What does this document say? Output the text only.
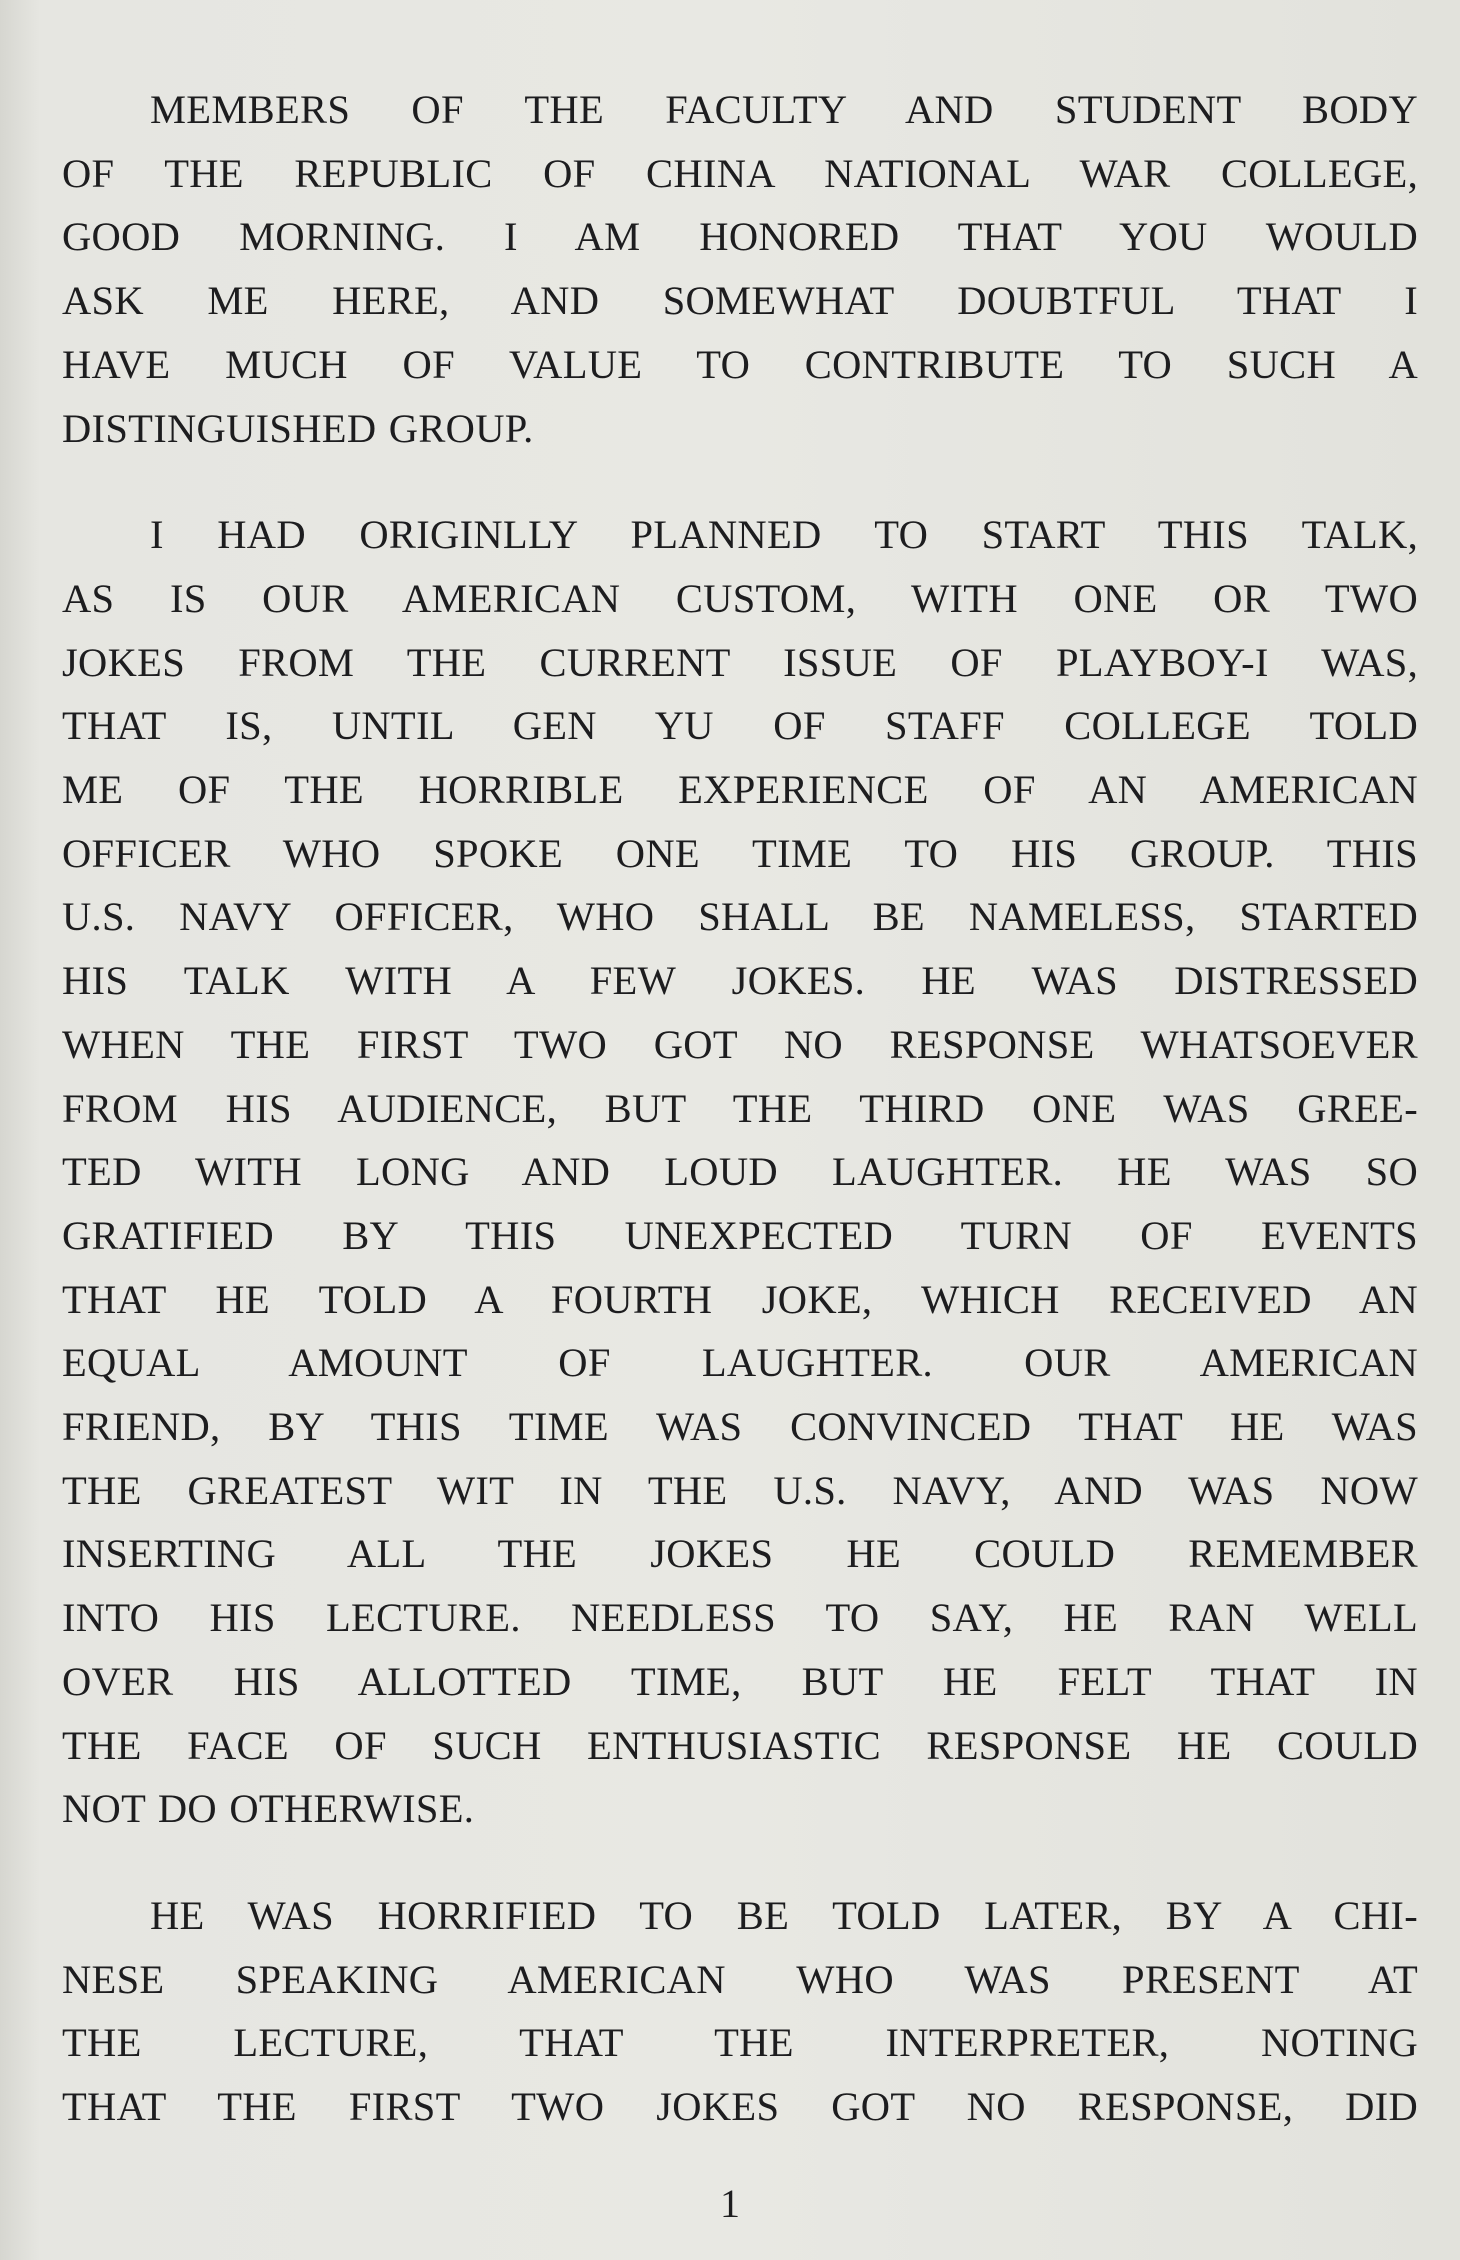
MEMBERS OF THE FACULTY AND STUDENT BODY
OF THE REPUBLIC OF CHINA NATIONAL WAR COLLEGE,
GOOD MORNING. I AM HONORED THAT YOU WOULD
ASK ME HERE, AND SOMEWHAT DOUBTFUL THAT I
HAVE MUCH OF VALUE TO CONTRIBUTE TO SUCH A
DISTINGUISHED GROUP.

I HAD ORIGINLLY PLANNED TO START THIS TALK,
AS IS OUR AMERICAN CUSTOM, WITH ONE OR TWO
JOKES FROM THE CURRENT ISSUE OF PLAYBOY-I WAS,
THAT IS, UNTIL GEN YU OF STAFF COLLEGE TOLD
ME OF THE HORRIBLE EXPERIENCE OF AN AMERICAN
OFFICER WHO SPOKE ONE TIME TO HIS GROUP. THIS
U.S. NAVY OFFICER, WHO SHALL BE NAMELESS, STARTED
HIS TALK WITH A FEW JOKES. HE WAS DISTRESSED
WHEN THE FIRST TWO GOT NO RESPONSE WHATSOEVER
FROM HIS AUDIENCE, BUT THE THIRD ONE WAS GREE-
TED WITH LONG AND LOUD LAUGHTER. HE WAS SO
GRATIFIED BY THIS UNEXPECTED TURN OF EVENTS
THAT HE TOLD A FOURTH JOKE, WHICH RECEIVED AN
EQUAL AMOUNT OF LAUGHTER. OUR AMERICAN
FRIEND, BY THIS TIME WAS CONVINCED THAT HE WAS
THE GREATEST WIT IN THE U.S. NAVY, AND WAS NOW
INSERTING ALL THE JOKES HE COULD REMEMBER
INTO HIS LECTURE. NEEDLESS TO SAY, HE RAN WELL
OVER HIS ALLOTTED TIME, BUT HE FELT THAT IN
THE FACE OF SUCH ENTHUSIASTIC RESPONSE HE COULD
NOT DO OTHERWISE.

HE WAS HORRIFIED TO BE TOLD LATER, BY A CHI-
NESE SPEAKING AMERICAN WHO WAS PRESENT AT
THE LECTURE, THAT THE INTERPRETER, NOTING
THAT THE FIRST TWO JOKES GOT NO RESPONSE, DID

1
